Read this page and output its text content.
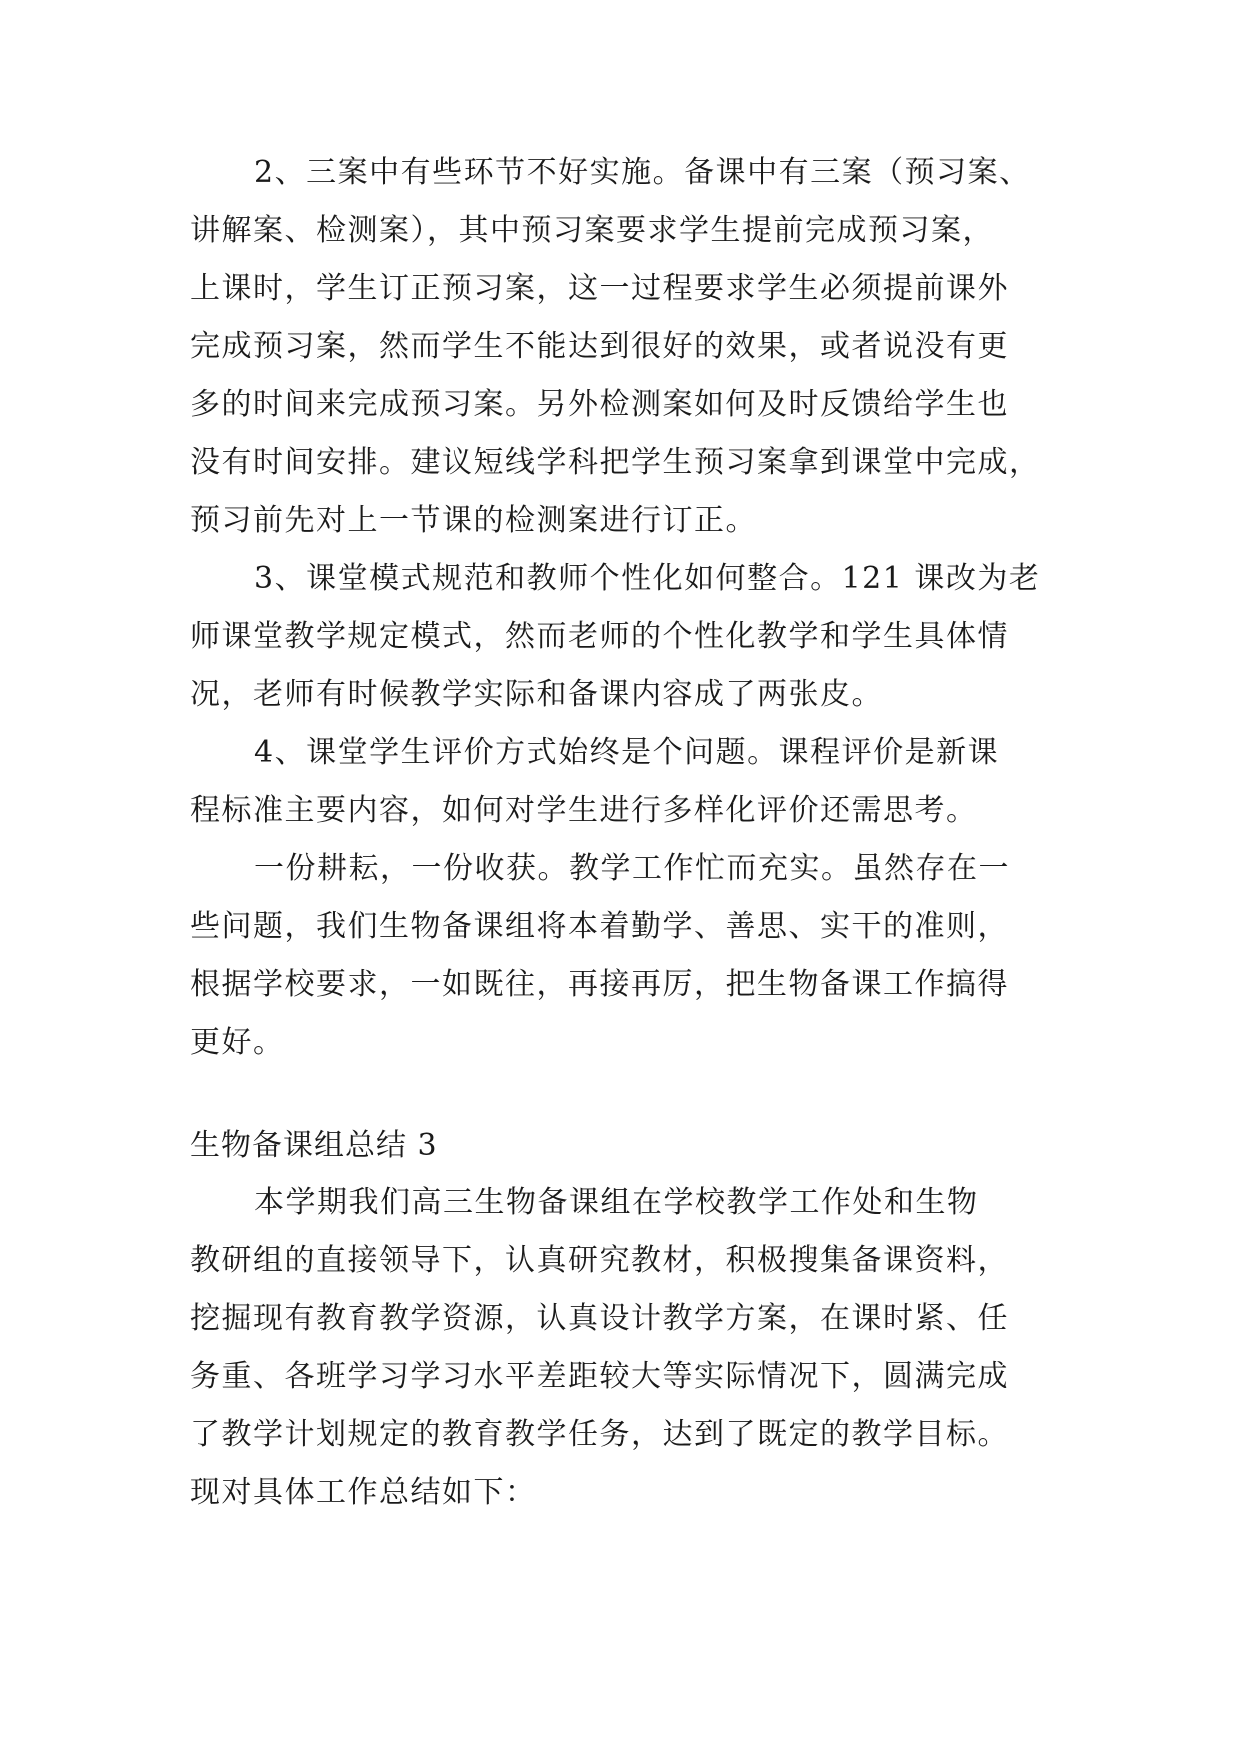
2、三案中有些环节不好实施。备课中有三案（预习案、
讲解案、检测案），其中预习案要求学生提前完成预习案，
上课时，学生订正预习案，这一过程要求学生必须提前课外
完成预习案，然而学生不能达到很好的效果，或者说没有更
多的时间来完成预习案。另外检测案如何及时反馈给学生也
没有时间安排。建议短线学科把学生预习案拿到课堂中完成，
预习前先对上一节课的检测案进行订正。
3、课堂模式规范和教师个性化如何整合。121 课改为老
师课堂教学规定模式，然而老师的个性化教学和学生具体情
况，老师有时候教学实际和备课内容成了两张皮。
4、课堂学生评价方式始终是个问题。课程评价是新课
程标准主要内容，如何对学生进行多样化评价还需思考。
一份耕耘，一份收获。教学工作忙而充实。虽然存在一
些问题，我们生物备课组将本着勤学、善思、实干的准则，
根据学校要求，一如既往，再接再厉，把生物备课工作搞得
更好。
生物备课组总结 3
本学期我们高三生物备课组在学校教学工作处和生物
教研组的直接领导下，认真研究教材，积极搜集备课资料，
挖掘现有教育教学资源，认真设计教学方案，在课时紧、任
务重、各班学习学习水平差距较大等实际情况下，圆满完成
了教学计划规定的教育教学任务，达到了既定的教学目标。
现对具体工作总结如下：
